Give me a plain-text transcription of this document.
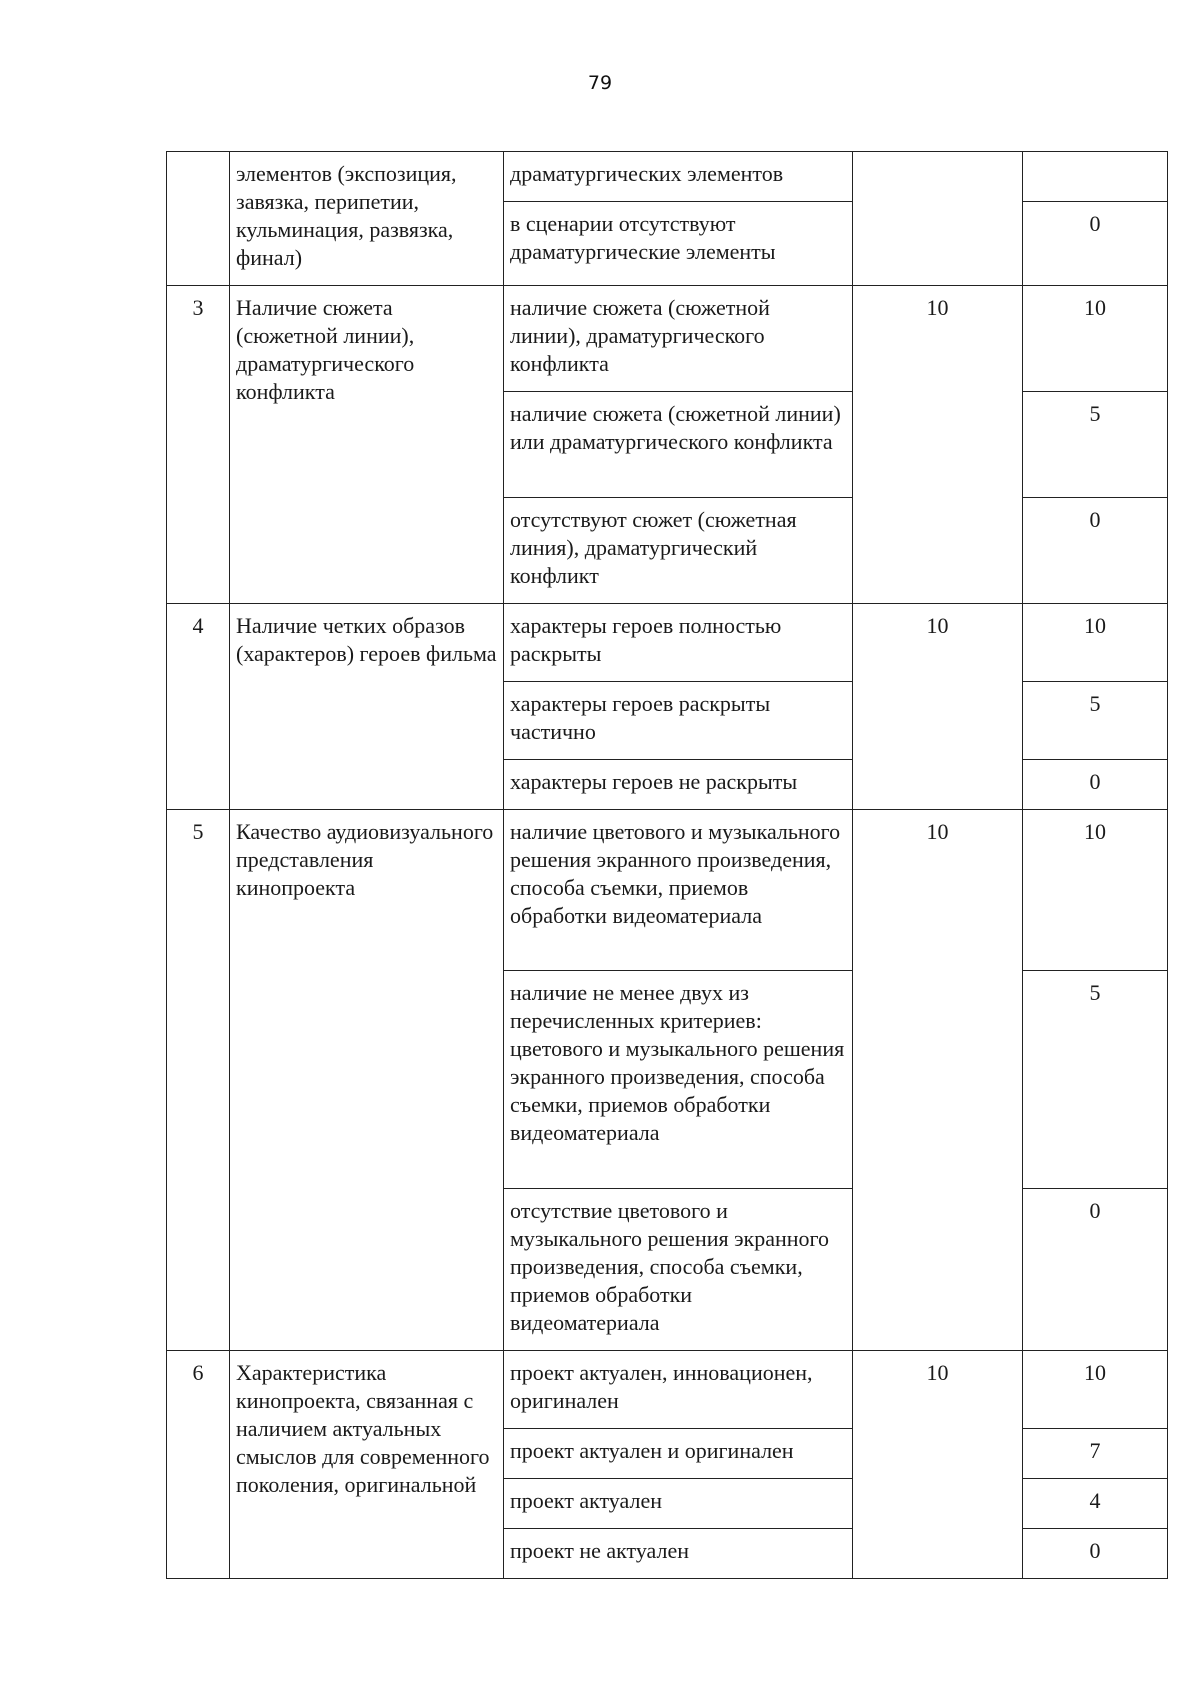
79
	элементов (экспозиция, завязка, перипетии, кульминация, развязка, финал)	драматургических элементов		
		в сценарии отсутствуют драматургические элементы		0
3	Наличие сюжета (сюжетной линии), драматургического конфликта	наличие сюжета (сюжетной линии), драматургического конфликта	10	10
		наличие сюжета (сюжетной линии) или драматургического конфликта		5
		отсутствуют сюжет (сюжетная линия), драматургический конфликт		0
4	Наличие четких образов (характеров) героев фильма	характеры героев полностью раскрыты	10	10
		характеры героев раскрыты частично		5
		характеры героев не раскрыты		0
5	Качество аудиовизуального представления кинопроекта	наличие цветового и музыкального решения экранного произведения, способа съемки, приемов обработки видеоматериала	10	10
		наличие не менее двух из перечисленных критериев: цветового и музыкального решения экранного произведения, способа съемки, приемов обработки видеоматериала		5
		отсутствие цветового и музыкального решения экранного произведения, способа съемки, приемов обработки видеоматериала		0
6	Характеристика кинопроекта, связанная с наличием актуальных смыслов для современного поколения, оригинальной	проект актуален, инновационен, оригинален	10	10
		проект актуален и оригинален		7
		проект актуален		4
		проект не актуален		0
